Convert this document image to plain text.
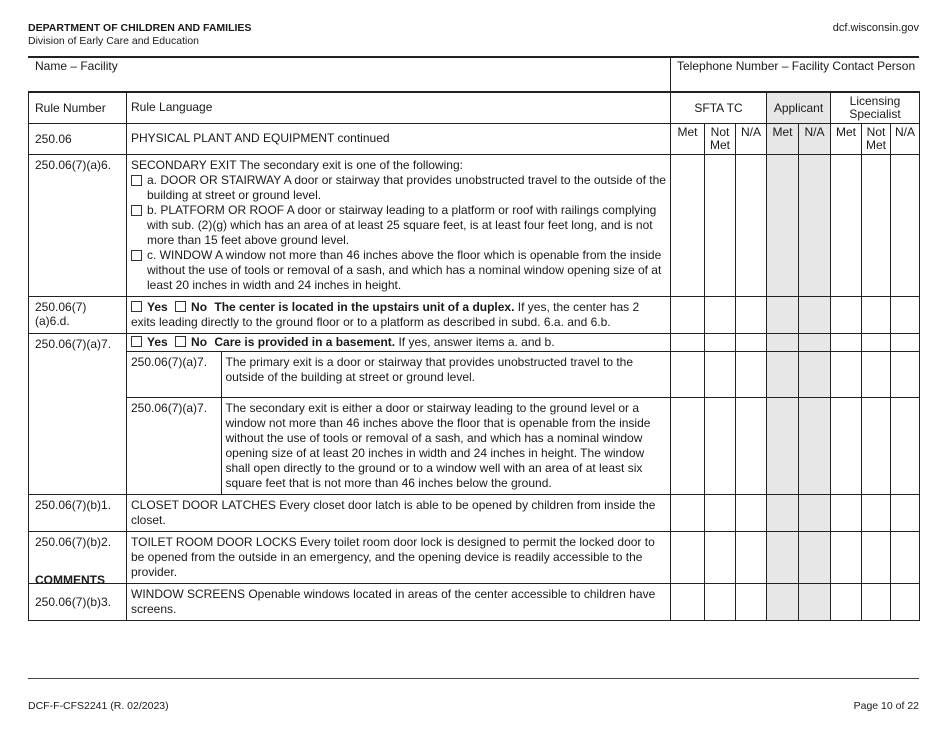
DEPARTMENT OF CHILDREN AND FAMILIES
Division of Early Care and Education
dcf.wisconsin.gov
Name – Facility	Telephone Number – Facility Contact Person
Rule Number	Rule Language	SFTA TC	Applicant	Licensing Specialist
250.06	PHYSICAL PLANT AND EQUIPMENT continued	Met	Not Met	N/A	Met	N/A	Met	Not Met	N/A
250.06(7)(a)6.	SECONDARY EXIT The secondary exit is one of the following:
a. DOOR OR STAIRWAY A door or stairway that provides unobstructed travel to the outside of the building at street or ground level.
b. PLATFORM OR ROOF A door or stairway leading to a platform or roof with railings complying with sub. (2)(g) which has an area of at least 25 square feet, is at least four feet long, and is not more than 15 feet above ground level.
c. WINDOW A window not more than 46 inches above the floor which is openable from the inside without the use of tools or removal of a sash, and which has a nominal window opening size of at least 20 inches in width and 24 inches in height.

250.06(7)(a)6.d.	Yes No The center is located in the upstairs unit of a duplex. If yes, the center has 2 exits leading directly to the ground floor or to a platform as described in subd. 6.a. and 6.b.								
250.06(7)(a)7.	Yes No Care is provided in a basement. If yes, answer items a. and b.								

250.06(7)(a)7.	The primary exit is a door or stairway that provides unobstructed travel to the outside of the building at street or ground level.

250.06(7)(a)7.	The secondary exit is either a door or stairway leading to the ground level or a window not more than 46 inches above the floor that is openable from the inside without the use of tools or removal of a sash, and which has a nominal window opening size of at least 20 inches in width and 24 inches in height. The window shall open directly to the ground or to a window well with an area of at least six square feet that is not more than 46 inches below the ground.

250.06(7)(b)1.	CLOSET DOOR LATCHES Every closet door latch is able to be opened by children from inside the closet.								
250.06(7)(b)2.	TOILET ROOM DOOR LOCKS Every toilet room door lock is designed to permit the locked door to be opened from the outside in an emergency, and the opening device is readily accessible to the provider.								
250.06(7)(b)3.	WINDOW SCREENS Openable windows located in areas of the center accessible to children have screens.								
COMMENTS
DCF-F-CFS2241 (R. 02/2023)	Page 10 of 22
